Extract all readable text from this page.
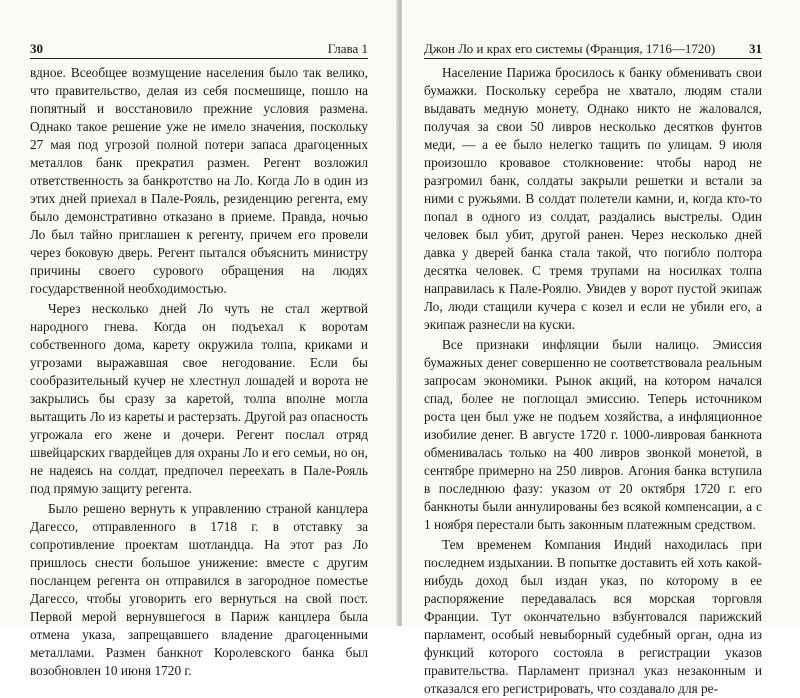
30	Глава 1

вдное. Всеобщее возмущение населения было так велико, что правительство, делая из себя посмешище, пошло на попятный и восстановило прежние условия размена. Однако такое решение уже не имело значения, поскольку 27 мая под угрозой полной потери запаса драгоценных металлов банк прекратил размен. Регент возложил ответственность за банкротство на Ло. Когда Ло в один из этих дней приехал в Пале-Рояль, резиденцию регента, ему было демонстративно отказано в приеме. Правда, ночью Ло был тайно приглашен к регенту, причем его провели через боковую дверь. Регент пытался объяснить министру причины своего сурового обращения на людях государственной необходимостью.

Через несколько дней Ло чуть не стал жертвой народного гнева. Когда он подъехал к воротам собственного дома, карету окружила толпа, криками и угрозами выражавшая свое негодование. Если бы сообразительный кучер не хлестнул лошадей и ворота не закрылись бы сразу за каретой, толпа вполне могла вытащить Ло из кареты и растерзать. Другой раз опасность угрожала его жене и дочери. Регент послал отряд швейцарских гвардейцев для охраны Ло и его семьи, но он, не надеясь на солдат, предпочел переехать в Пале-Рояль под прямую защиту регента.

Было решено вернуть к управлению страной канцлера Дагессо, отправленного в 1718 г. в отставку за сопротивление проектам шотландца. На этот раз Ло пришлось снести большое унижение: вместе с другим посланцем регента он отправился в загородное поместье Дагессо, чтобы уговорить его вернуться на свой пост. Первой мерой вернувшегося в Париж канцлера была отмена указа, запрещавшего владение драгоценными металлами. Размен банкнот Королевского банка был возобновлен 10 июня 1720 г.

Джон Ло и крах его системы (Франция, 1716—1720)	31

Население Парижа бросилось к банку обменивать свои бумажки. Поскольку серебра не хватало, людям стали выдавать медную монету. Однако никто не жаловался, получая за свои 50 ливров несколько десятков фунтов меди, — а ее было нелегко тащить по улицам. 9 июля произошло кровавое столкновение: чтобы народ не разгромил банк, солдаты закрыли решетки и встали за ними с ружьями. В солдат полетели камни, и, когда кто-то попал в одного из солдат, раздались выстрелы. Один человек был убит, другой ранен. Через несколько дней давка у дверей банка стала такой, что погибло полтора десятка человек. С тремя трупами на носилках толпа направилась к Пале-Роялю. Увидев у ворот пустой экипаж Ло, люди стащили кучера с козел и если не убили его, а экипаж разнесли на куски.

Все признаки инфляции были налицо. Эмиссия бумажных денег совершенно не соответствовала реальным запросам экономики. Рынок акций, на котором начался спад, более не поглощал эмиссию. Теперь источником роста цен был уже не подъем хозяйства, а инфляционное изобилие денег. В августе 1720 г. 1000-ливровая банкнота обменивалась только на 400 ливров звонкой монетой, в сентябре примерно на 250 ливров. Агония банка вступила в последнюю фазу: указом от 20 октября 1720 г. его банкноты были аннулированы без всякой компенсации, а с 1 ноября перестали быть законным платежным средством.

Тем временем Компания Индий находилась при последнем издыхании. В попытке доставить ей хоть какой-нибудь доход был издан указ, по которому в ее распоряжение передавалась вся морская торговля Франции. Тут окончательно взбунтовался парижский парламент, особый невыборный судебный орган, одна из функций которого состояла в регистрации указов правительства. Парламент признал указ незаконным и отказался его регистрировать, что создавало для ре-
